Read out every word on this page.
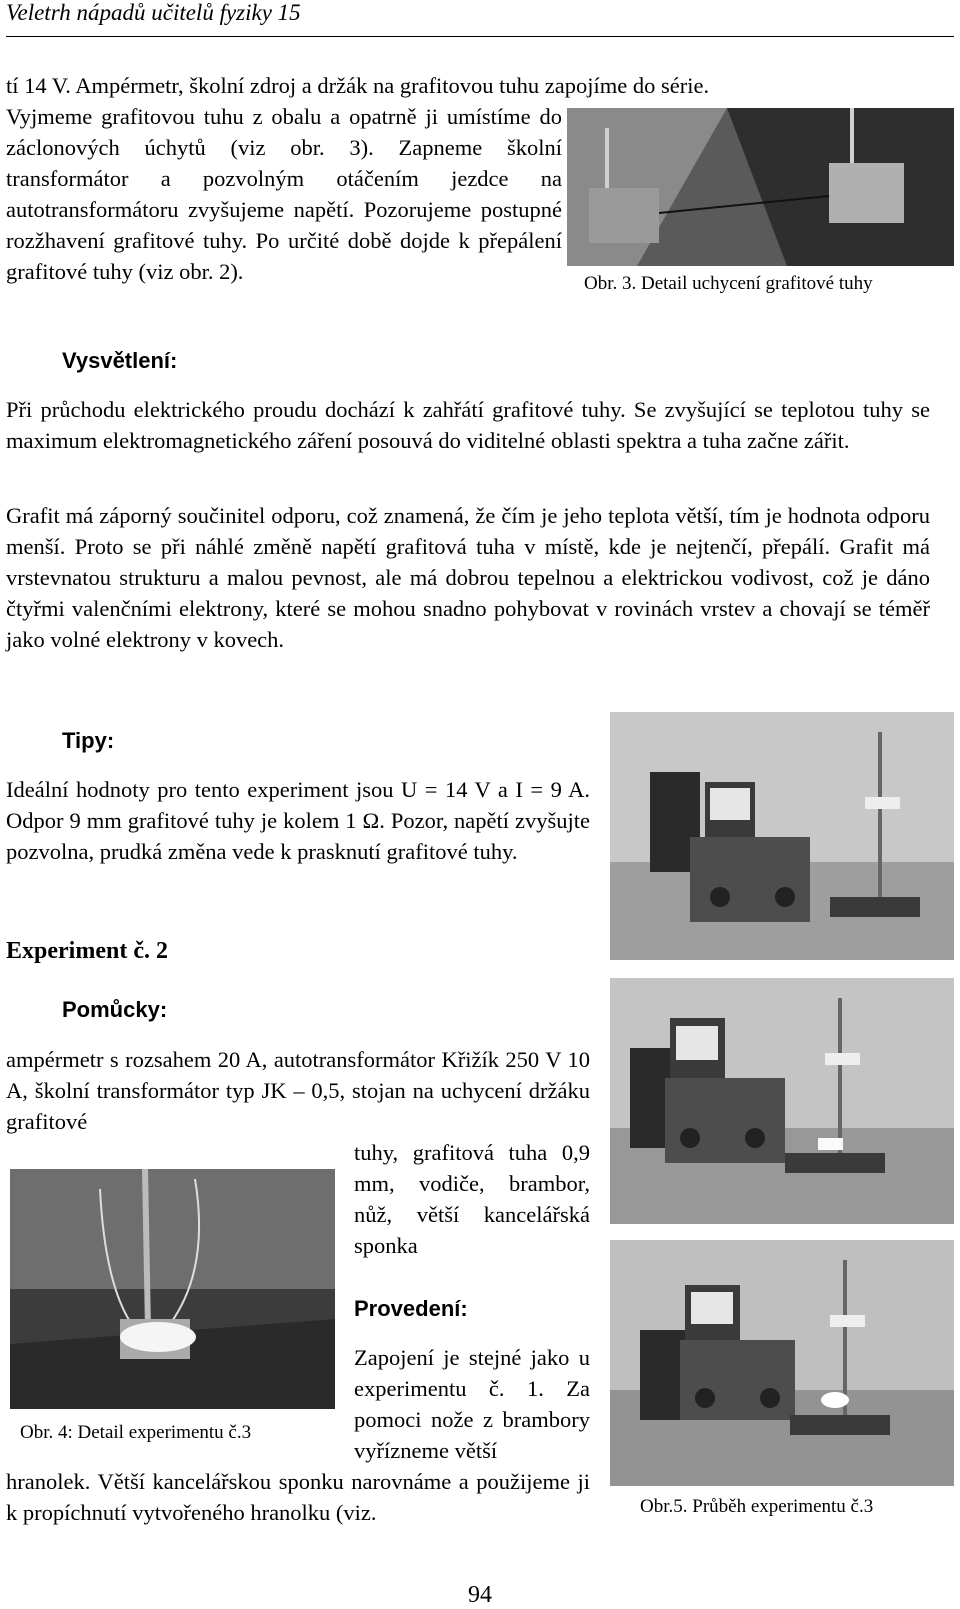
Veletrh nápadů učitelů fyziky 15

tí 14 V. Ampérmetr, školní zdroj a držák na grafitovou tuhu zapojíme do série.

Vyjmeme grafitovou tuhu z obalu a opatrně ji umístíme do záclonových úchytů (viz obr. 3). Zapneme školní transformátor a pozvolným otáčením jezdce na autotransformátoru zvyšujeme napětí. Pozorujeme postupné rozžhavení grafitové tuhy. Po určité době dojde k přepálení grafitové tuhy (viz obr. 2).	Obr. 3. Detail uchycení grafitové tuhy
Vysvětlení:

Při průchodu elektrického proudu dochází k zahřátí grafitové tuhy. Se zvyšující se teplotou tuhy se maximum elektromagnetického záření posouvá do viditelné oblasti spektra a tuha začne zářit.

Grafit má záporný součinitel odporu, což znamená, že čím je jeho teplota větší, tím je hodnota odporu menší. Proto se při náhlé změně napětí grafitová tuha v místě, kde je nejtenčí, přepálí. Grafit má vrstevnatou strukturu a malou pevnost, ale má dobrou tepelnou a elektrickou vodivost, což je dáno čtyřmi valenčními elektrony, které se mohou snadno pohybovat v rovinách vrstev a chovají se téměř jako volné elektrony v kovech.

Tipy:

Ideální hodnoty pro tento experiment jsou U = 14 V a I = 9 A. Odpor 9 mm grafitové tuhy je kolem 1 Ω. Pozor, napětí zvyšujte pozvolna, prudká změna vede k prasknutí grafitové tuhy.

Obr.5. Průběh experimentu č.3
Experiment č. 2
Pomůcky:

ampérmetr s rozsahem 20 A, autotransformátor Křižík 250 V 10 A, školní transformátor typ JK – 0,5, stojan na uchycení držáku grafitové

tuhy, grafitová tuha 0,9 mm, vodiče, brambor, nůž, větší kancelářská sponka

Obr. 4: Detail experimentu č.3
Provedení:

Zapojení je stejné jako u experimentu č. 1. Za pomoci nože z brambory vyřízneme větší

hranolek. Větší kancelářskou sponku narovnáme a použijeme ji k propíchnutí vytvořeného hranolku (viz.

94
